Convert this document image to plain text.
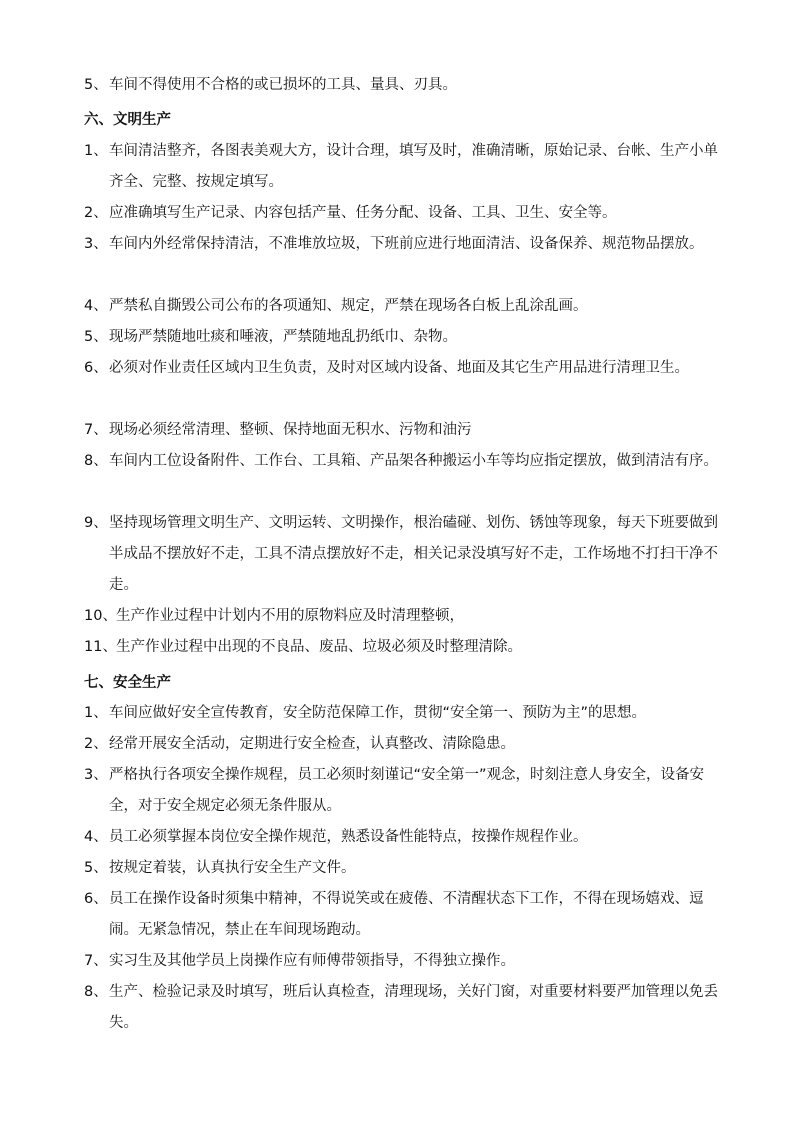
5、 车间不得使用不合格的或已损坏的工具、量具、刃具。
六、文明生产
1、 车间清洁整齐，各图表美观大方，设计合理，填写及时，准确清晰，原始记录、台帐、生产小单齐全、完整、按规定填写。
2、 应准确填写生产记录、内容包括产量、任务分配、设备、工具、卫生、安全等。
3、 车间内外经常保持清洁，不准堆放垃圾，下班前应进行地面清洁、设备保养、规范物品摆放。
4、 严禁私自撕毁公司公布的各项通知、规定，严禁在现场各白板上乱涂乱画。
5、 现场严禁随地吐痰和唾液，严禁随地乱扔纸巾、杂物。
6、 必须对作业责任区域内卫生负责，及时对区域内设备、地面及其它生产用品进行清理卫生。
7、 现场必须经常清理、整顿、保持地面无积水、污物和油污
8、 车间内工位设备附件、工作台、工具箱、产品架各种搬运小车等均应指定摆放，做到清洁有序。
9、 坚持现场管理文明生产、文明运转、文明操作，根治磕碰、划伤、锈蚀等现象，每天下班要做到半成品不摆放好不走，工具不清点摆放好不走，相关记录没填写好不走，工作场地不打扫干净不走。
10、 生产作业过程中计划内不用的原物料应及时清理整顿，
11、 生产作业过程中出现的不良品、废品、垃圾必须及时整理清除。
七、安全生产
1、 车间应做好安全宣传教育，安全防范保障工作，贯彻“安全第一、预防为主”的思想。
2、 经常开展安全活动，定期进行安全检查，认真整改、清除隐患。
3、 严格执行各项安全操作规程，员工必须时刻谨记“安全第一”观念，时刻注意人身安全，设备安全，对于安全规定必须无条件服从。
4、 员工必须掌握本岗位安全操作规范，熟悉设备性能特点，按操作规程作业。
5、 按规定着装，认真执行安全生产文件。
6、 员工在操作设备时须集中精神，不得说笑或在疲倦、不清醒状态下工作，不得在现场嬉戏、逗闹。无紧急情况，禁止在车间现场跑动。
7、 实习生及其他学员上岗操作应有师傅带领指导，不得独立操作。
8、 生产、检验记录及时填写，班后认真检查，清理现场，关好门窗，对重要材料要严加管理以免丢失。
